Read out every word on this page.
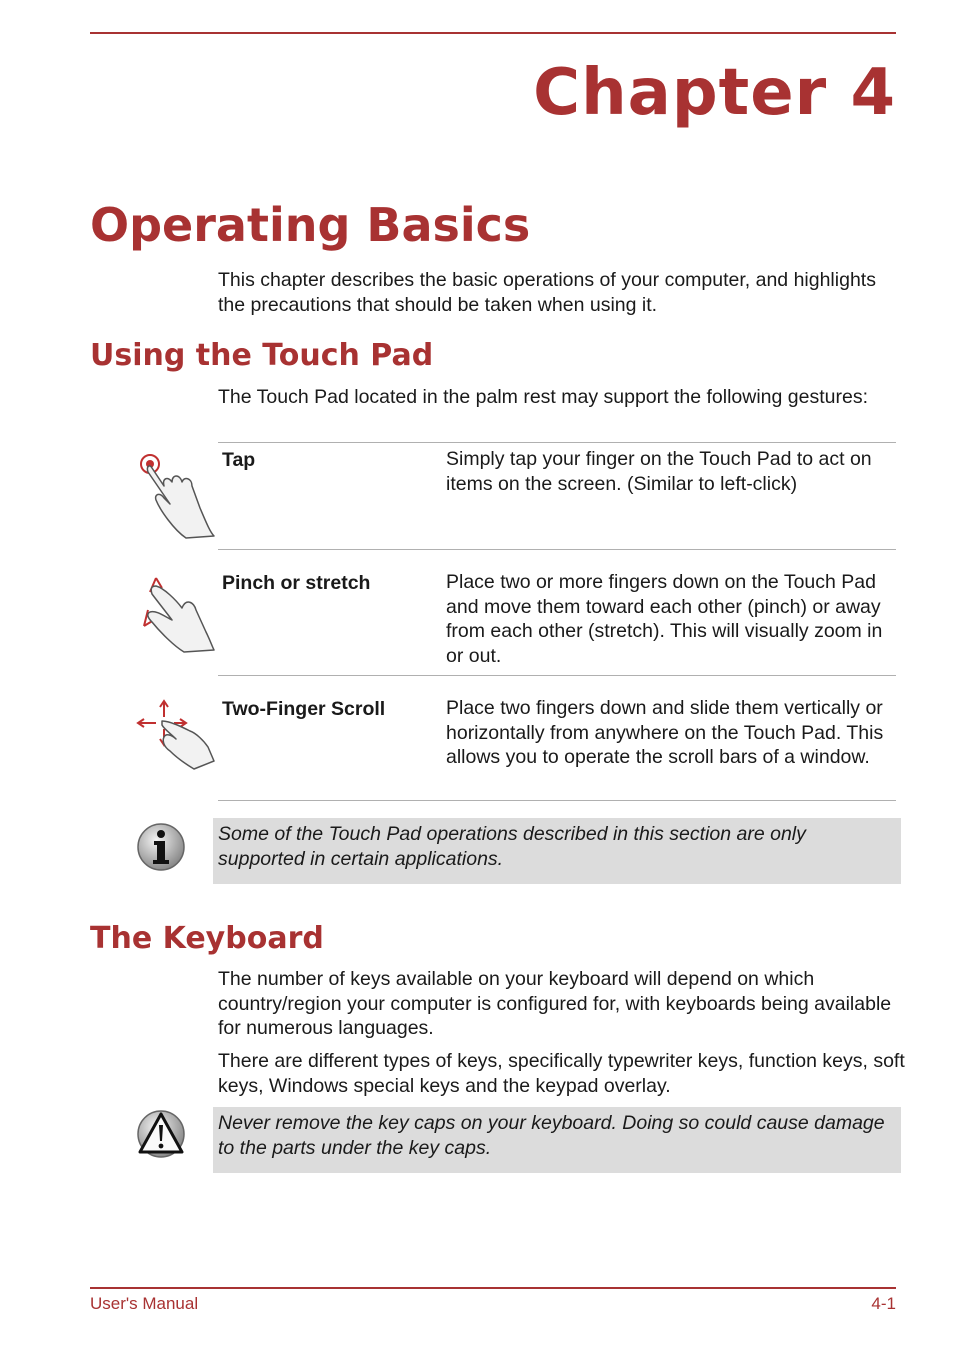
Chapter 4
Operating Basics
This chapter describes the basic operations of your computer, and highlights the precautions that should be taken when using it.
Using the Touch Pad
The Touch Pad located in the palm rest may support the following gestures:
Tap	Simply tap your finger on the Touch Pad to act on items on the screen. (Similar to left-click)
Pinch or stretch	Place two or more fingers down on the Touch Pad and move them toward each other (pinch) or away from each other (stretch). This will visually zoom in or out.
Two-Finger Scroll	Place two fingers down and slide them vertically or horizontally from anywhere on the Touch Pad. This allows you to operate the scroll bars of a window.
Some of the Touch Pad operations described in this section are only supported in certain applications.
The Keyboard
The number of keys available on your keyboard will depend on which country/region your computer is configured for, with keyboards being available for numerous languages.
There are different types of keys, specifically typewriter keys, function keys, soft keys, Windows special keys and the keypad overlay.
Never remove the key caps on your keyboard. Doing so could cause damage to the parts under the key caps.
User's Manual	4-1
